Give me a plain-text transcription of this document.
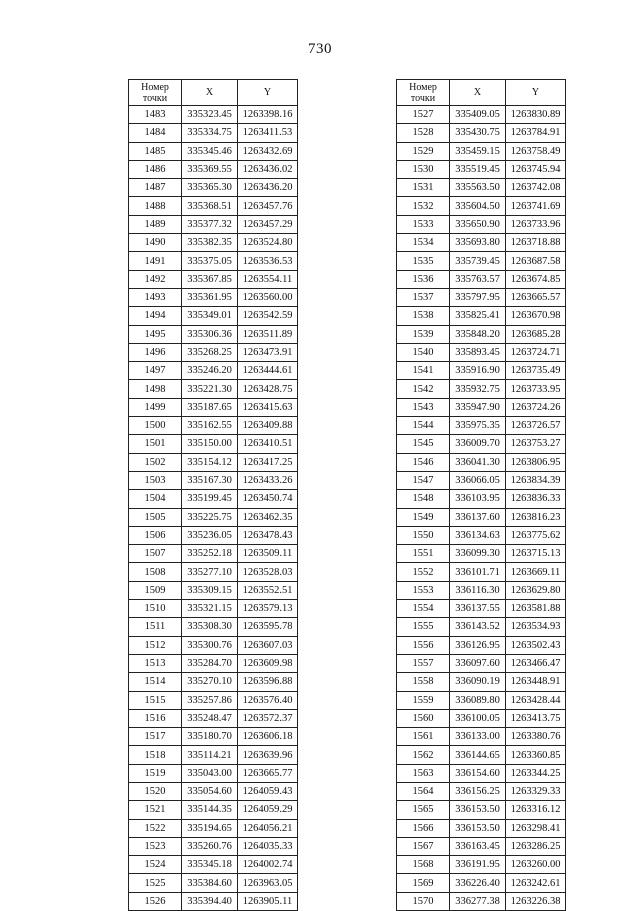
730
Номер
точки	X	Y
1483	335323.45	1263398.16
1484	335334.75	1263411.53
1485	335345.46	1263432.69
1486	335369.55	1263436.02
1487	335365.30	1263436.20
1488	335368.51	1263457.76
1489	335377.32	1263457.29
1490	335382.35	1263524.80
1491	335375.05	1263536.53
1492	335367.85	1263554.11
1493	335361.95	1263560.00
1494	335349.01	1263542.59
1495	335306.36	1263511.89
1496	335268.25	1263473.91
1497	335246.20	1263444.61
1498	335221.30	1263428.75
1499	335187.65	1263415.63
1500	335162.55	1263409.88
1501	335150.00	1263410.51
1502	335154.12	1263417.25
1503	335167.30	1263433.26
1504	335199.45	1263450.74
1505	335225.75	1263462.35
1506	335236.05	1263478.43
1507	335252.18	1263509.11
1508	335277.10	1263528.03
1509	335309.15	1263552.51
1510	335321.15	1263579.13
1511	335308.30	1263595.78
1512	335300.76	1263607.03
1513	335284.70	1263609.98
1514	335270.10	1263596.88
1515	335257.86	1263576.40
1516	335248.47	1263572.37
1517	335180.70	1263606.18
1518	335114.21	1263639.96
1519	335043.00	1263665.77
1520	335054.60	1264059.43
1521	335144.35	1264059.29
1522	335194.65	1264056.21
1523	335260.76	1264035.33
1524	335345.18	1264002.74
1525	335384.60	1263963.05
1526	335394.40	1263905.11
Номер
точки	X	Y
1527	335409.05	1263830.89
1528	335430.75	1263784.91
1529	335459.15	1263758.49
1530	335519.45	1263745.94
1531	335563.50	1263742.08
1532	335604.50	1263741.69
1533	335650.90	1263733.96
1534	335693.80	1263718.88
1535	335739.45	1263687.58
1536	335763.57	1263674.85
1537	335797.95	1263665.57
1538	335825.41	1263670.98
1539	335848.20	1263685.28
1540	335893.45	1263724.71
1541	335916.90	1263735.49
1542	335932.75	1263733.95
1543	335947.90	1263724.26
1544	335975.35	1263726.57
1545	336009.70	1263753.27
1546	336041.30	1263806.95
1547	336066.05	1263834.39
1548	336103.95	1263836.33
1549	336137.60	1263816.23
1550	336134.63	1263775.62
1551	336099.30	1263715.13
1552	336101.71	1263669.11
1553	336116.30	1263629.80
1554	336137.55	1263581.88
1555	336143.52	1263534.93
1556	336126.95	1263502.43
1557	336097.60	1263466.47
1558	336090.19	1263448.91
1559	336089.80	1263428.44
1560	336100.05	1263413.75
1561	336133.00	1263380.76
1562	336144.65	1263360.85
1563	336154.60	1263344.25
1564	336156.25	1263329.33
1565	336153.50	1263316.12
1566	336153.50	1263298.41
1567	336163.45	1263286.25
1568	336191.95	1263260.00
1569	336226.40	1263242.61
1570	336277.38	1263226.38
